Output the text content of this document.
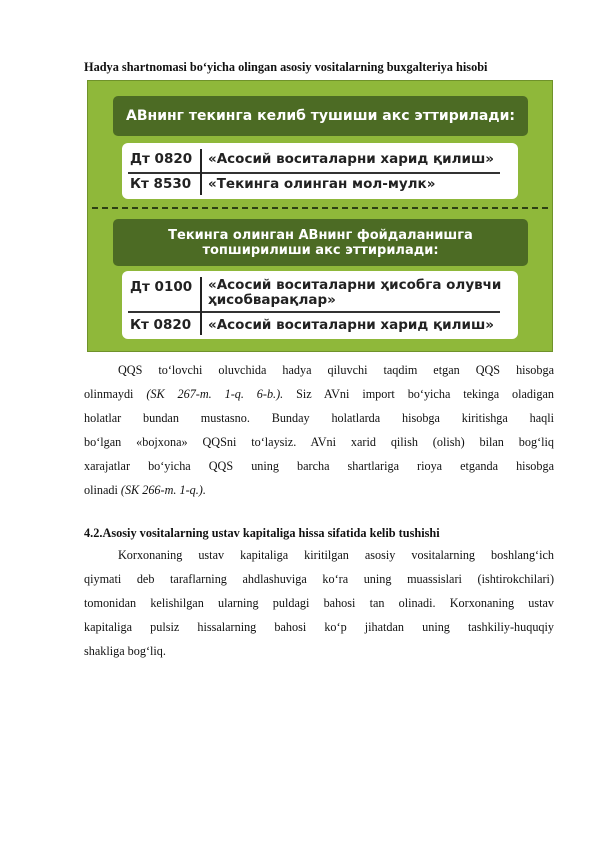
Hadya shartnomasi bo‘yicha olingan asosiy vositalarning buxgalteriya hisobi
АВнинг текинга келиб тушиши акс эттирилади:
Дт 0820 «Асосий воситаларни харид қилиш»
Кт 8530	«Текинга олинган мол-мулк»
Текинга олинган АВнинг фойдаланишга
топширилиши акс эттирилади:
Дт 0100 «Асосий воситаларни ҳисобга олувчи
ҳисобварақлар»
Кт 0820	«Асосий воситаларни харид қилиш»
QQS to‘lovchi oluvchida hadya qiluvchi taqdim etgan QQS hisobga
olinmaydi (SK 267-m. 1-q. 6-b.). Siz AVni import bo‘yicha tekinga oladigan
holatlar bundan mustasno. Bunday holatlarda hisobga kiritishga haqli
bo‘lgan «bojxona» QQSni to‘laysiz. AVni xarid qilish (olish) bilan bog‘liq
xarajatlar bo‘yicha QQS uning barcha shartlariga rioya etganda hisobga
olinadi (SK 266-m. 1-q.).
4.2.Asosiy vositalarning ustav kapitaliga hissa sifatida kelib tushishi
Korxonaning ustav kapitaliga kiritilgan asosiy vositalarning boshlang‘ich
qiymati deb taraflarning ahdlashuviga ko‘ra uning muassislari (ishtirokchilari)
tomonidan kelishilgan ularning puldagi bahosi tan olinadi. Korxonaning ustav
kapitaliga pulsiz hissalarning bahosi ko‘p jihatdan uning tashkiliy-huquqiy
shakliga bog‘liq.
